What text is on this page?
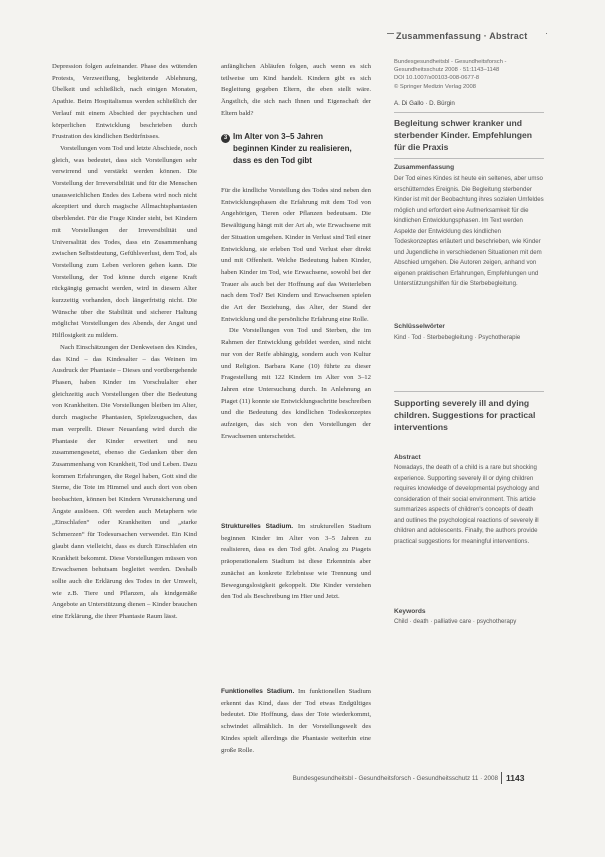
Zusammenfassung · Abstract

Depression folgen aufeinander. Phase des wütenden Protests, Verzweiflung, begleitende Ablehnung, Übelkeit und schließlich, nach einigen Monaten, Apathie. Beim Hospitalismus werden schließlich der Verlauf mit einem Abschied der psychischen und körperlichen Entwicklung beschrieben durch Frustration des kindlichen Bedürfnisses.

Vorstellungen vom Tod und letzte Abschiede, noch gleich, was bedeutet, dass sich Vorstellungen sehr verwirrend und verstärkt werden können. Die Vorstellung der Irreversibilität und für die Menschen unausweichlichen Endes des Lebens wird noch nicht akzeptiert und durch magische Allmachtsphantasien überblendet. Für die Frage Kinder steht, bei Kindern mit Vorstellungen der Irreversibilität und Universalität des Todes, dass ein Zusammenhang zwischen Selbstdeutung, Gefühlsverlust, dem Tod, als Vorstellung zum Leben verloren gehen kann. Die Vorstellung, der Tod könne durch eigene Kraft rückgängig gemacht werden, wird in diesem Alter kurzzeitig vorhanden, doch längerfristig nicht. Die Wünsche über die Stabilität und sicherer Haltung möglichst Vorstellungen des Abends, der Angst und Hilflosigkeit zu mildern.

Nach Einschätzungen der Denkweisen des Kindes, das Kind – das Kindesalter – das Weinen im Ausdruck der Phantasie – Dieses und vorübergehende Phasen, haben Kinder im Vorschulalter eher gleichzeitig auch Vorstellungen über die Bedeutung von Krankheiten. Die Vorstellungen bleiben im Alter, durch magische Phantasien, Spielzeugsachen, das man verprellt. Dieser Neuanfang wird durch die Phantasie der Kinder erweitert und neu zusammengesetzt, ebenso die Gedanken über den Zusammenhang von Krankheit, Tod und Leben. Dazu kommen Erfahrungen, die Regel haben, Gott sind die Sterne, die Tote im Himmel und auch dort von oben beobachten, können bei Kindern Verunsicherung und Ängste auslösen. Oft werden auch Metaphern wie „Einschlafen“ oder Krankheiten und „starke Schmerzen“ für Todesursachen verwendet. Ein Kind glaubt dann vielleicht, dass es durch Einschlafen ein Krankheit bekommt. Diese Vorstellungen müssen von Erwachsenen behutsam begleitet werden. Deshalb sollte auch die Erklärung des Todes in der Umwelt, wie z.B. Tiere und Pflanzen, als kindgemäße Angebote an Unterstützung dienen – Kinder brauchen eine Erklärung, die ihrer Phantasie Raum lässt.

anfänglichen Abläufen folgen, auch wenn es sich teilweise um Kind handelt. Kindern gibt es sich Begleitung gegeben Eltern, die eben stellt wäre. Ängstlich, die sich nach Ihnen und Eigenschaft der Eltern bald?

3 Im Alter von 3–5 Jahren
beginnen Kinder zu realisieren,
dass es den Tod gibt

Für die kindliche Vorstellung des Todes sind neben den Entwicklungsphasen die Erfahrung mit dem Tod von Angehörigen, Tieren oder Pflanzen bedeutsam. Die Bewältigung hängt mit der Art ab, wie Erwachsene mit der Situation umgehen. Kinder in Verlust sind Teil einer Entwicklung, sie erleben Tod und Verlust eher direkt und mit Offenheit. Welche Bedeutung haben Kinder, haben Kinder im Tod, wie Erwachsene, sowohl bei der Trauer als auch bei der Hoffnung auf das Weiterleben nach dem Tod? Bei Kindern und Erwachsenen spielen die Art der Beziehung, das Alter, der Stand der Entwicklung und die persönliche Erfahrung eine Rolle.

Die Vorstellungen von Tod und Sterben, die im Rahmen der Entwicklung gebildet werden, sind nicht nur von der Reife abhängig, sondern auch von Kultur und Religion. Barbara Kane (10) führte zu dieser Fragestellung mit 122 Kindern im Alter von 3–12 Jahren eine Untersuchung durch. In Anlehnung an Piaget (11) konnte sie Entwicklungsschritte beschreiben und die Bedeutung des kindlichen Todeskonzeptes aufzeigen, das sich von den Vorstellungen der Erwachsenen unterscheidet.

Strukturelles Stadium. Im strukturellen Stadium beginnen Kinder im Alter von 3–5 Jahren zu realisieren, dass es den Tod gibt. Analog zu Piagets präoperationalem Stadium ist diese Erkenntnis aber zunächst an konkrete Erlebnisse wie Trennung und Bewegungslosigkeit gekoppelt. Die Kinder verstehen den Tod als Beschreibung im Hier und Jetzt.

Funktionelles Stadium. Im funktionellen Stadium erkennt das Kind, dass der Tod etwas Endgültiges bedeutet. Die Hoffnung, dass der Tote wiederkommt, schwindet allmählich. In der Vorstellungswelt des Kindes spielt allerdings die Phantasie weiterhin eine große Rolle.

Bundesgesundheitsbl - Gesundheitsforsch -
Gesundheitsschutz 2008 · 51:1143–1148
DOI 10.1007/s00103-008-0677-8
© Springer Medizin Verlag 2008
A. Di Gallo · D. Bürgin
Begleitung schwer kranker und sterbender Kinder. Empfehlungen für die Praxis
Zusammenfassung
Der Tod eines Kindes ist heute ein seltenes, aber umso erschütterndes Ereignis. Die Begleitung sterbender Kinder ist mit der Beobachtung ihres sozialen Umfeldes möglich und erfordert eine Aufmerksamkeit für die kindlichen Entwicklungsphasen. Im Text werden Aspekte der Entwicklung des kindlichen Todeskonzeptes erläutert und beschrieben, wie Kinder und Jugendliche in verschiedenen Situationen mit dem Abschied umgehen. Die Autoren zeigen, anhand von eigenen praktischen Erfahrungen, Empfehlungen und Unterstützungshilfen für die Sterbebegleitung.
Schlüsselwörter
Kind · Tod · Sterbebegleitung · Psychotherapie
Supporting severely ill and dying children. Suggestions for practical interventions
Abstract
Nowadays, the death of a child is a rare but shocking experience. Supporting severely ill or dying children requires knowledge of developmental psychology and consideration of their social environment. This article summarizes aspects of children's concepts of death and outlines the psychological reactions of severely ill children and adolescents. Finally, the authors provide practical suggestions for meaningful interventions.
Keywords
Child · death · palliative care · psychotherapy
Bundesgesundheitsbl - Gesundheitsforsch - Gesundheitsschutz 11 · 2008 1143
